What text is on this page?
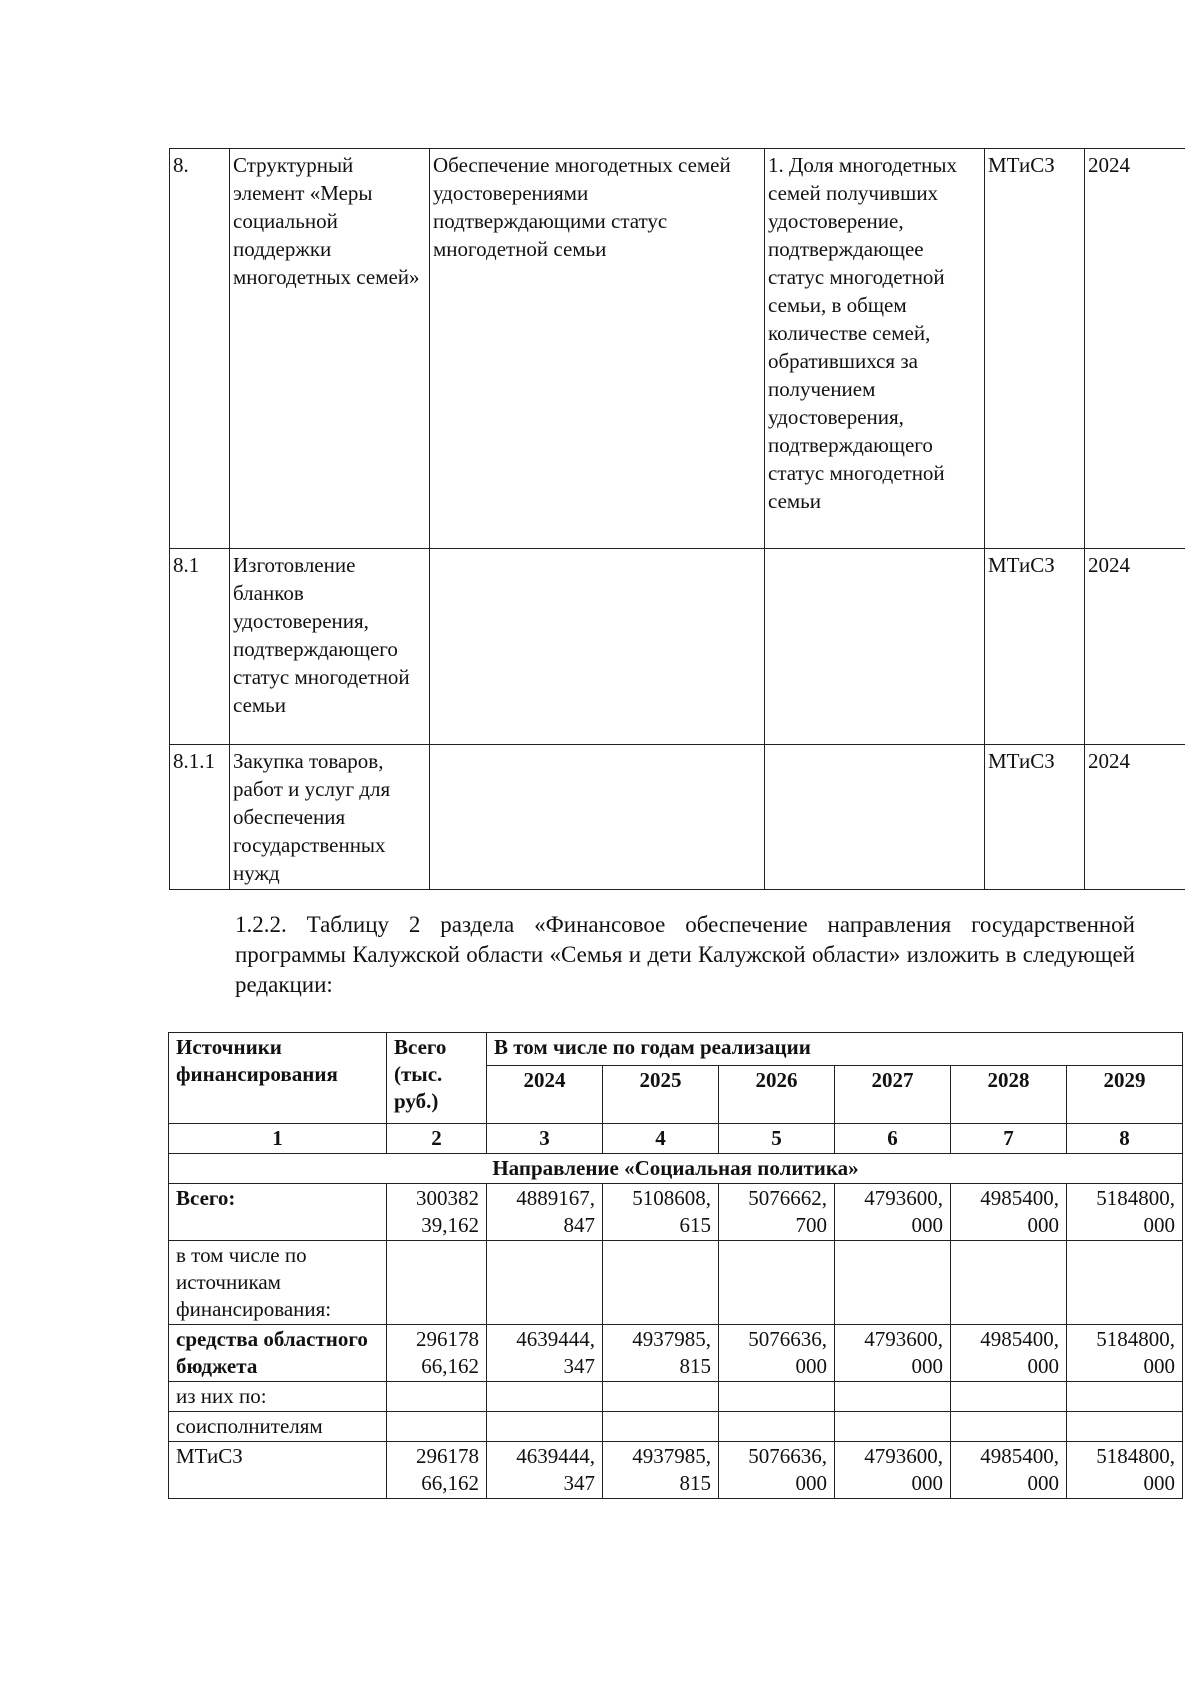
8.	Структурный элемент «Меры социальной поддержки многодетных семей»	Обеспечение многодетных семей удостоверениями подтверждающими статус многодетной семьи	1. Доля многодетных семей получивших удостоверение, подтверждающее статус многодетной семьи, в общем количестве семей, обратившихся за получением удостоверения, подтверждающего статус многодетной семьи	МТиСЗ	2024
8.1	Изготовление бланков удостоверения, подтверждающего статус многодетной семьи			МТиСЗ	2024
8.1.1	Закупка товаров, работ и услуг для обеспечения государственных нужд			МТиСЗ	2024
1.2.2. Таблицу 2 раздела «Финансовое обеспечение направления государственной программы Калужской области «Семья и дети Калужской области» изложить в следующей редакции:
Источники финансирования	Всего (тыс. руб.)	В том числе по годам реализации					
		2024	2025	2026	2027	2028	2029
1	2	3	4	5	6	7	8
Направление «Социальная политика»							
Всего:	300382 39,162	4889167, 847	5108608, 615	5076662, 700	4793600, 000	4985400, 000	5184800, 000
в том числе по источникам финансирования:							
средства областного бюджета	296178 66,162	4639444, 347	4937985, 815	5076636, 000	4793600, 000	4985400, 000	5184800, 000
из них по:							
соисполнителям							
МТиСЗ	296178 66,162	4639444, 347	4937985, 815	5076636, 000	4793600, 000	4985400, 000	5184800, 000
